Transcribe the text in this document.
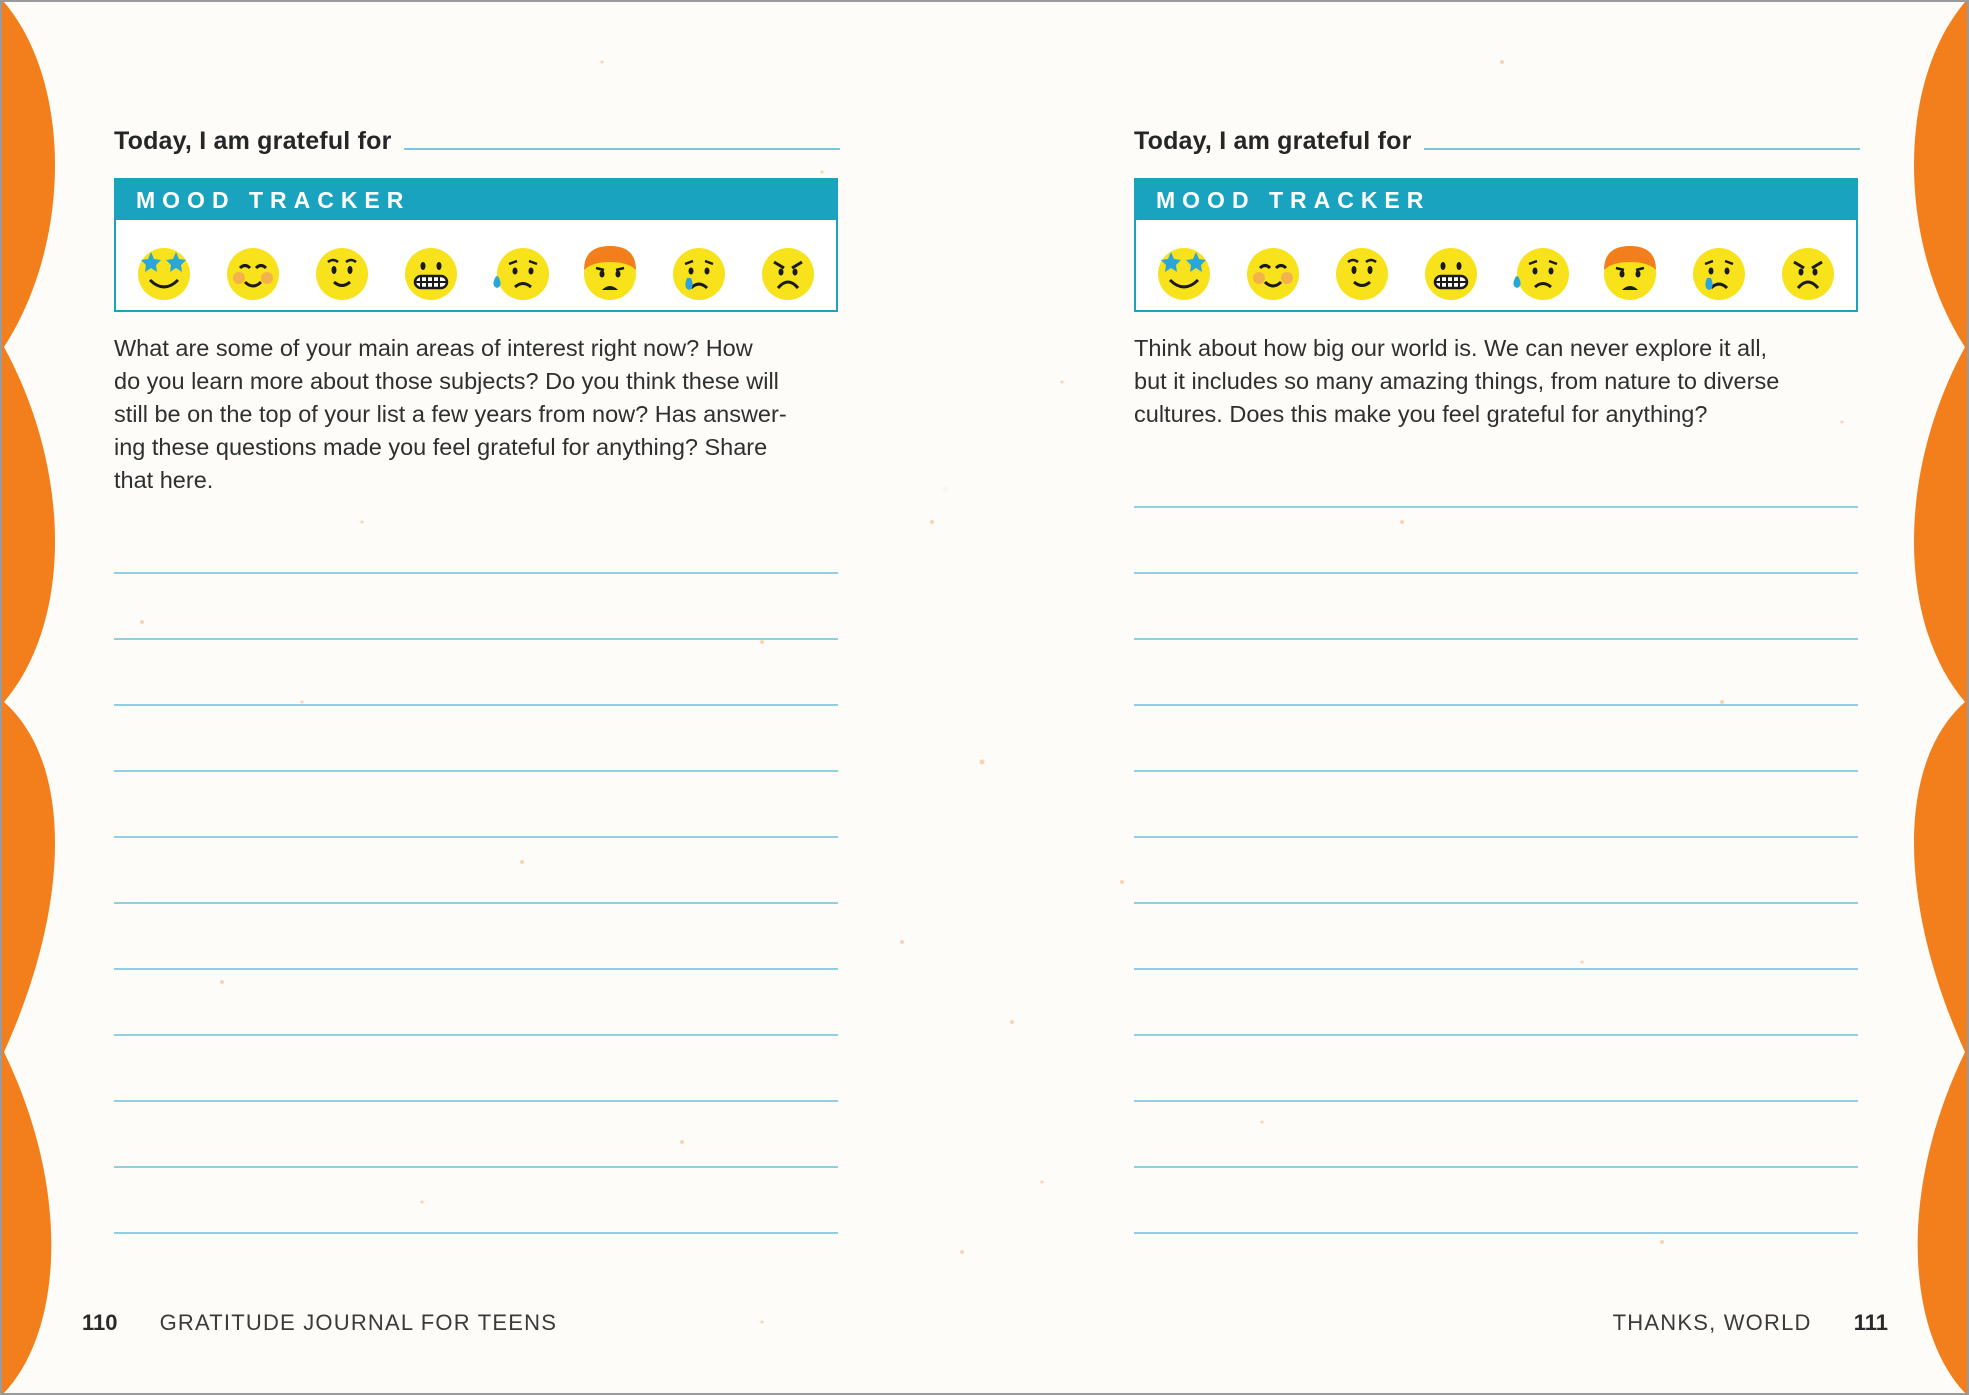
Today, I am grateful for
MOOD TRACKER
What are some of your main areas of interest right now? How
do you learn more about those subjects? Do you think these will
still be on the top of your list a few years from now? Has answer-
ing these questions made you feel grateful for anything? Share
that here.
110 GRATITUDE JOURNAL FOR TEENS
Today, I am grateful for
MOOD TRACKER
Think about how big our world is. We can never explore it all,
but it includes so many amazing things, from nature to diverse
cultures. Does this make you feel grateful for anything?
THANKS, WORLD 111
